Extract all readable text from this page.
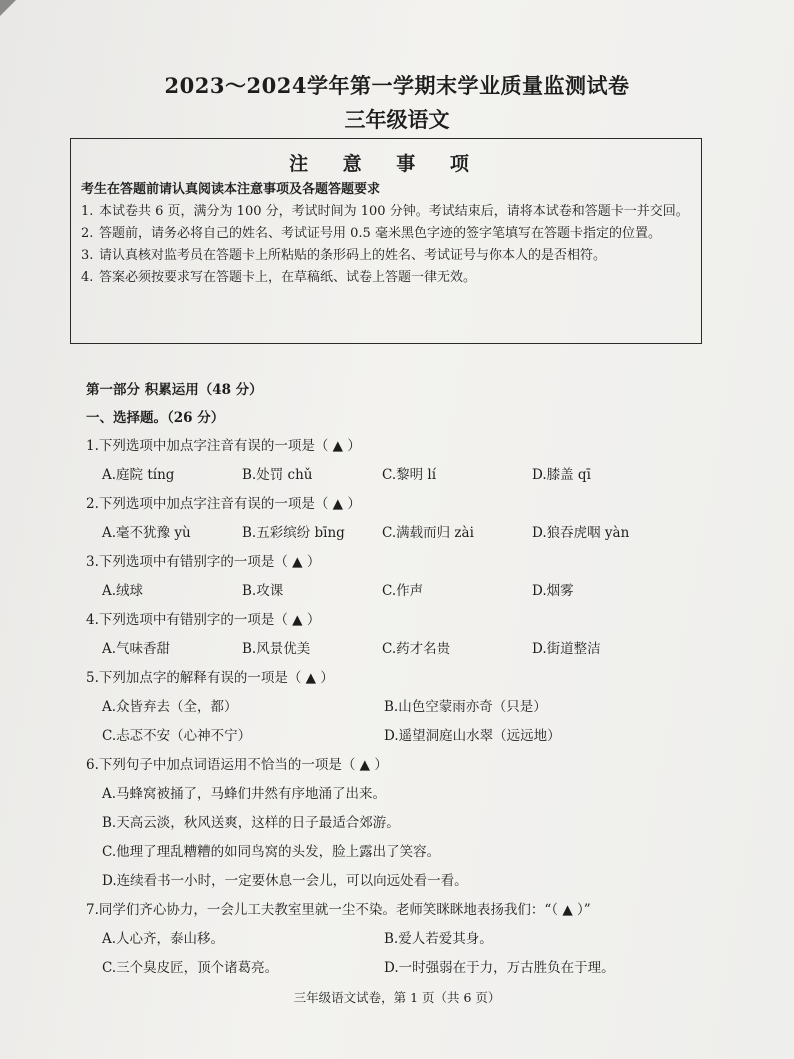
2023～2024学年第一学期末学业质量监测试卷
三年级语文
注 意 事 项
考生在答题前请认真阅读本注意事项及各题答题要求
1. 本试卷共 6 页，满分为 100 分，考试时间为 100 分钟。考试结束后，请将本试卷和答题卡一并交回。
2. 答题前，请务必将自己的姓名、考试证号用 0.5 毫米黑色字迹的签字笔填写在答题卡指定的位置。
3. 请认真核对监考员在答题卡上所粘贴的条形码上的姓名、考试证号与你本人的是否相符。
4. 答案必须按要求写在答题卡上，在草稿纸、试卷上答题一律无效。
第一部分 积累运用（48 分）
一、选择题。（26 分）
1.下列选项中加点字注音有误的一项是（ ▲ ）
A.庭院 tíng	B.处罚 chǔ	C.黎明 lí	D.膝盖 qī
2.下列选项中加点字注音有误的一项是（ ▲ ）
A.毫不犹豫 yù	B.五彩缤纷 bīng	C.满载而归 zài	D.狼吞虎咽 yàn
3.下列选项中有错别字的一项是（ ▲ ）
A.绒球	B.攻课	C.作声	D.烟雾
4.下列选项中有错别字的一项是（ ▲ ）
A.气味香甜	B.风景优美	C.药才名贵	D.街道整洁
5.下列加点字的解释有误的一项是（ ▲ ）
A.众皆弃去（全，都）	B.山色空蒙雨亦奇（只是）
C.忐忑不安（心神不宁）	D.遥望洞庭山水翠（远远地）
6.下列句子中加点词语运用不恰当的一项是（ ▲ ）
A.马蜂窝被捅了，马蜂们井然有序地涌了出来。
B.天高云淡，秋风送爽，这样的日子最适合郊游。
C.他理了理乱糟糟的如同鸟窝的头发，脸上露出了笑容。
D.连续看书一小时，一定要休息一会儿，可以向远处看一看。
7.同学们齐心协力，一会儿工夫教室里就一尘不染。老师笑眯眯地表扬我们：“（ ▲ ）”
A.人心齐，泰山移。	B.爱人若爱其身。
C.三个臭皮匠，顶个诸葛亮。	D.一时强弱在于力，万古胜负在于理。
三年级语文试卷，第 1 页（共 6 页）
